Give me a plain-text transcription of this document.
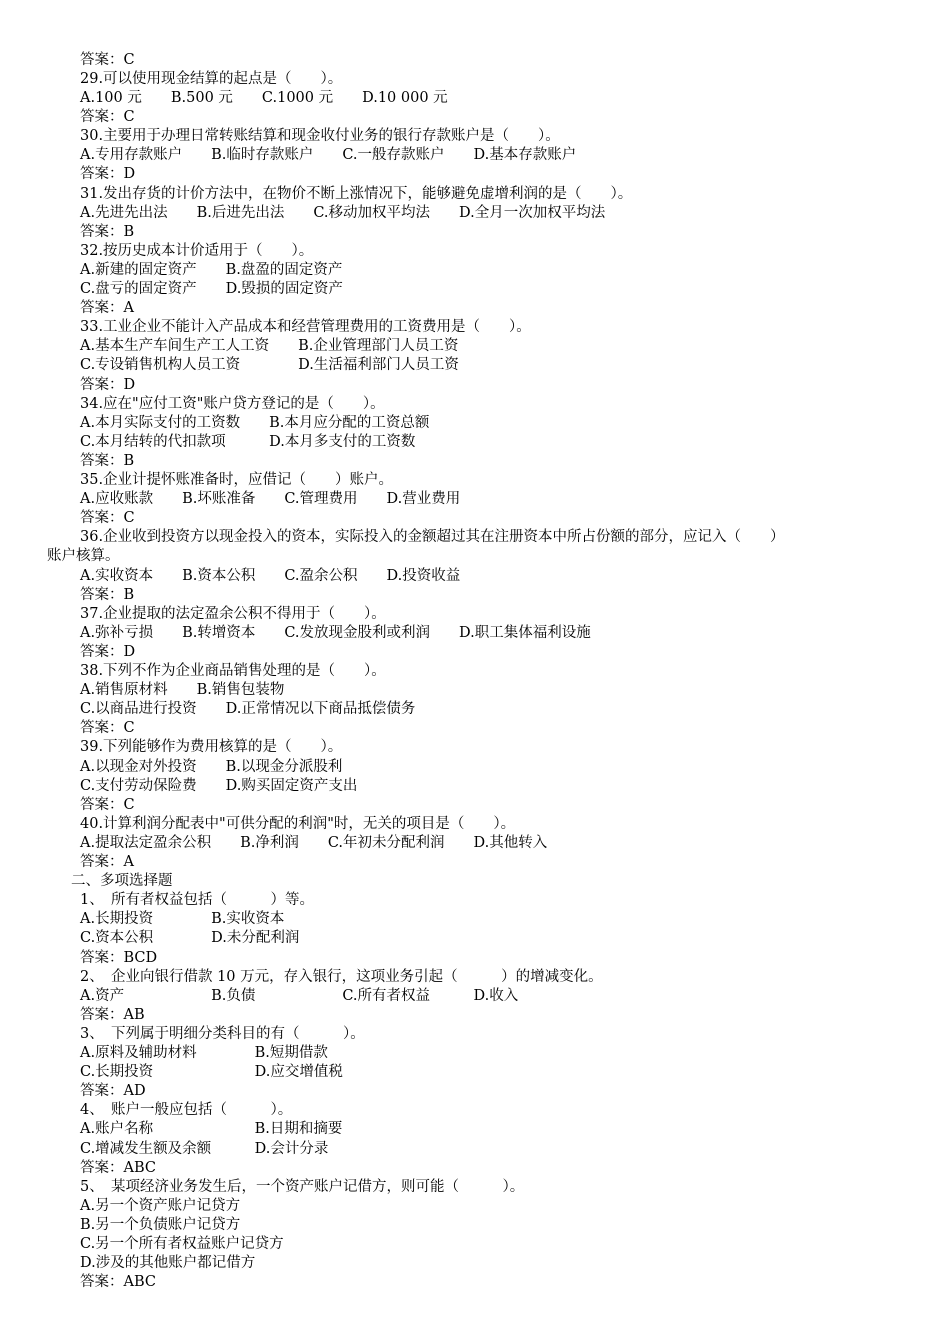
答案：C
29.可以使用现金结算的起点是（　　）。
A.100 元　　B.500 元　　C.1000 元　　D.10 000 元
答案：C
30.主要用于办理日常转账结算和现金收付业务的银行存款账户是（　　）。
A.专用存款账户　　B.临时存款账户　　C.一般存款账户　　D.基本存款账户
答案：D
31.发出存货的计价方法中，在物价不断上涨情况下，能够避免虚增利润的是（　　）。
A.先进先出法　　B.后进先出法　　C.移动加权平均法　　D.全月一次加权平均法
答案：B
32.按历史成本计价适用于（　　）。
A.新建的固定资产　　B.盘盈的固定资产
C.盘亏的固定资产　　D.毁损的固定资产
答案：A
33.工业企业不能计入产品成本和经营管理费用的工资费用是（　　）。
A.基本生产车间生产工人工资　　B.企业管理部门人员工资
C.专设销售机构人员工资　　　　D.生活福利部门人员工资
答案：D
34.应在"应付工资"账户贷方登记的是（　　）。
A.本月实际支付的工资数　　B.本月应分配的工资总额
C.本月结转的代扣款项　　　D.本月多支付的工资数
答案：B
35.企业计提怀账准备时，应借记（　　）账户。
A.应收账款　　B.坏账准备　　C.管理费用　　D.营业费用
答案：C
36.企业收到投资方以现金投入的资本，实际投入的金额超过其在注册资本中所占份额的部分，应记入（　　）
账户核算。
A.实收资本　　B.资本公积　　C.盈余公积　　D.投资收益
答案：B
37.企业提取的法定盈余公积不得用于（　　）。
A.弥补亏损　　B.转增资本　　C.发放现金股利或利润　　D.职工集体福利设施
答案：D
38.下列不作为企业商品销售处理的是（　　）。
A.销售原材料　　B.销售包装物
C.以商品进行投资　　D.正常情况以下商品抵偿债务
答案：C
39.下列能够作为费用核算的是（　　）。
A.以现金对外投资　　B.以现金分派股利
C.支付劳动保险费　　D.购买固定资产支出
答案：C
40.计算利润分配表中"可供分配的利润"时，无关的项目是（　　）。
A.提取法定盈余公积　　B.净利润　　C.年初未分配利润　　D.其他转入
答案：A
二、多项选择题
1、　所有者权益包括（　　　）等。
A.长期投资　　　　B.实收资本
C.资本公积　　　　D.未分配利润
答案：BCD
2、　企业向银行借款 10 万元，存入银行，这项业务引起（　　　）的增减变化。
A.资产　　　　　　B.负债　　　　　　C.所有者权益　　　D.收入
答案：AB
3、　下列属于明细分类科目的有（　　　）。
A.原料及辅助材料　　　　B.短期借款
C.长期投资　　　　　　　D.应交增值税
答案：AD
4、　账户一般应包括（　　　）。
A.账户名称　　　　　　　B.日期和摘要
C.增减发生额及余额　　　D.会计分录
答案：ABC
5、　某项经济业务发生后，一个资产账户记借方，则可能（　　　）。
A.另一个资产账户记贷方
B.另一个负债账户记贷方
C.另一个所有者权益账户记贷方
D.涉及的其他账户都记借方
答案：ABC
